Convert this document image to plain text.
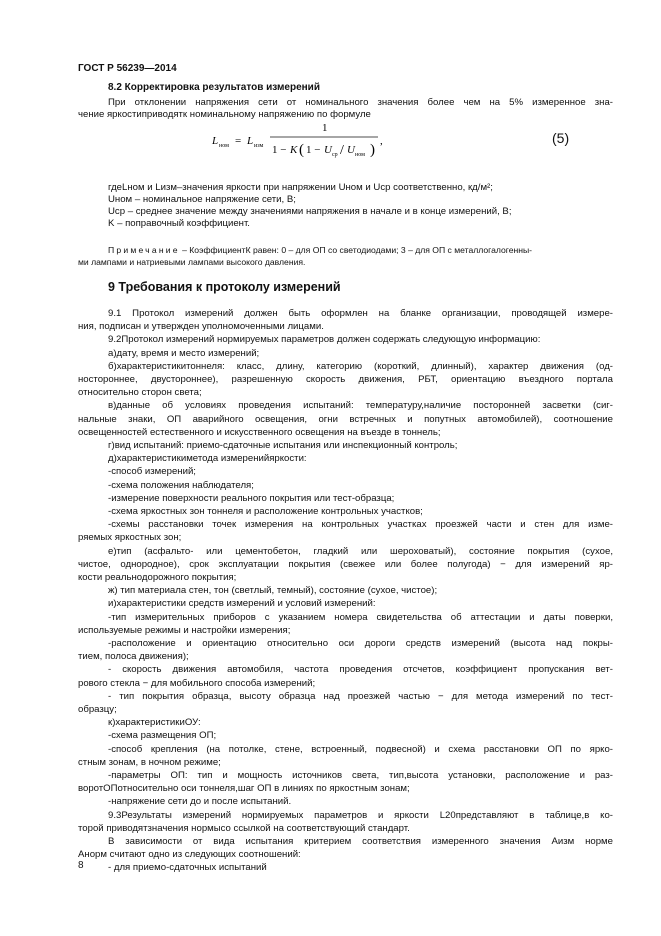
ГОСТ Р 56239—2014
8.2 Корректировка результатов измерений
При отклонении напряжения сети от номинального значения более чем на 5% измеренное зна-
чение яркостиприводятк номинальному напряжению по формуле
L ном = L изм
1
1 − K ( 1 − U ср / U ном )
,	(5)
гдеLном и Lизм–значения яркости при напряжении Uном и Uср соответственно, кд/м²;
Uном – номинальное напряжение сети, В;
Uср – среднее значение между значениями напряжения в начале и в конце измерений, В;
K – поправочный коэффициент.
Примечание – КоэффициентК равен: 0 – для ОП со светодиодами; 3 – для ОП с металлогалогенны-
ми лампами и натриевыми лампами высокого давления.
9 Требования к протоколу измерений
9.1 Протокол измерений должен быть оформлен на бланке организации, проводящей измере-
ния, подписан и утвержден уполномоченными лицами.
9.2Протокол измерений нормируемых параметров должен содержать следующую информацию:
а)дату, время и место измерений;
б)характеристикитоннеля: класс, длину, категорию (короткий, длинный), характер движения (од-
ностороннее, двустороннее), разрешенную скорость движения, РБТ, ориентацию въездного портала
относительно сторон света;
в)данные об условиях проведения испытаний: температуру,наличие посторонней засветки (сиг-
нальные знаки, ОП аварийного освещения, огни встречных и попутных автомобилей), соотношение
освещенностей естественного и искусственного освещения на въезде в тоннель;
г)вид испытаний: приемо-сдаточные испытания или инспекционный контроль;
д)характеристикиметода измеренийяркости:
-способ измерений;
-схема положения наблюдателя;
-измерение поверхности реального покрытия или тест-образца;
-схема яркостных зон тоннеля и расположение контрольных участков;
-схемы расстановки точек измерения на контрольных участках проезжей части и стен для изме-
ряемых яркостных зон;
е)тип (асфальто- или цементобетон, гладкий или шероховатый), состояние покрытия (сухое,
чистое, однородное), срок эксплуатации покрытия (свежее или более полугода) − для измерений яр-
кости реальнодорожного покрытия;
ж) тип материала стен, тон (светлый, темный), состояние (сухое, чистое);
и)характеристики средств измерений и условий измерений:
-тип измерительных приборов с указанием номера свидетельства об аттестации и даты поверки,
используемые режимы и настройки измерения;
-расположение и ориентацию относительно оси дороги средств измерений (высота над покры-
тием, полоса движения);
- скорость движения автомобиля, частота проведения отсчетов, коэффициент пропускания вет-
рового стекла − для мобильного способа измерений;
- тип покрытия образца, высоту образца над проезжей частью − для метода измерений по тест-
образцу;
к)характеристикиОУ:
-схема размещения ОП;
-способ крепления (на потолке, стене, встроенный, подвесной) и схема расстановки ОП по ярко-
стным зонам, в ночном режиме;
-параметры ОП: тип и мощность источников света, тип,высота установки, расположение и раз-
воротОПотносительно оси тоннеля,шаг ОП в линиях по яркостным зонам;
-напряжение сети до и после испытаний.
9.3Результаты измерений нормируемых параметров и яркости L20представляют в таблице,в ко-
торой приводятзначения нормысо ссылкой на соответствующий стандарт.
В зависимости от вида испытания критерием соответствия измеренного значения Aизм норме
Aнорм считают одно из следующих соотношений:
- для приемо-сдаточных испытаний
8
